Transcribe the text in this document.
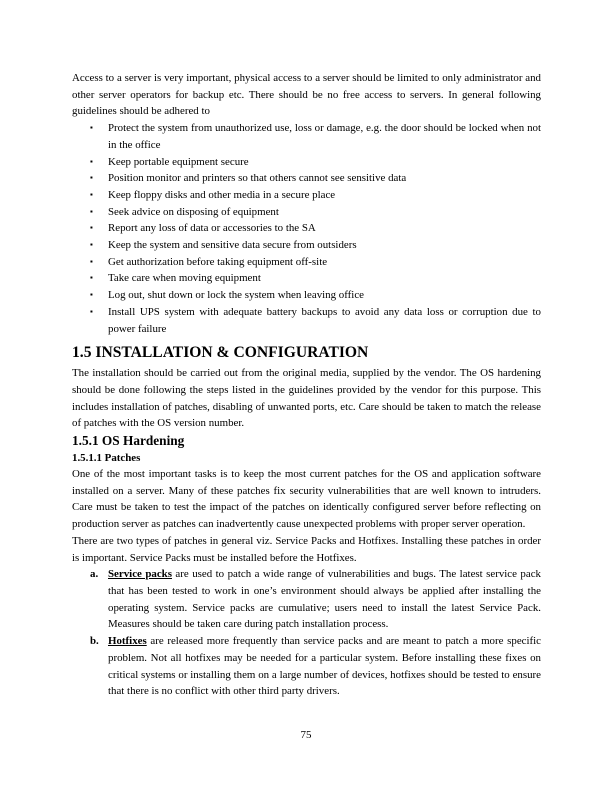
Access to a server is very important, physical access to a server should be limited to only administrator and other server operators for backup etc. There should be no free access to servers. In general following guidelines should be adhered to

▪ Protect the system from unauthorized use, loss or damage, e.g. the door should be locked when not in the office
▪ Keep portable equipment secure
▪ Position monitor and printers so that others cannot see sensitive data
▪ Keep floppy disks and other media in a secure place
▪ Seek advice on disposing of equipment
▪ Report any loss of data or accessories to the SA
▪ Keep the system and sensitive data secure from outsiders
▪ Get authorization before taking equipment off-site
▪ Take care when moving equipment
▪ Log out, shut down or lock the system when leaving office
▪ Install UPS system with adequate battery backups to avoid any data loss or corruption due to power failure
1.5 INSTALLATION & CONFIGURATION

The installation should be carried out from the original media, supplied by the vendor. The OS hardening should be done following the steps listed in the guidelines provided by the vendor for this purpose. This includes installation of patches, disabling of unwanted ports, etc. Care should be taken to match the release of patches with the OS version number.

1.5.1 OS Hardening
1.5.1.1 Patches

One of the most important tasks is to keep the most current patches for the OS and application software installed on a server. Many of these patches fix security vulnerabilities that are well known to intruders. Care must be taken to test the impact of the patches on identically configured server before reflecting on production server as patches can inadvertently cause unexpected problems with proper server operation.

There are two types of patches in general viz. Service Packs and Hotfixes. Installing these patches in order is important. Service Packs must be installed before the Hotfixes.

a. Service packs are used to patch a wide range of vulnerabilities and bugs. The latest service pack that has been tested to work in one’s environment should always be applied after installing the operating system. Service packs are cumulative; users need to install the latest Service Pack. Measures should be taken care during patch installation process.
b. Hotfixes are released more frequently than service packs and are meant to patch a more specific problem. Not all hotfixes may be needed for a particular system. Before installing these fixes on critical systems or installing them on a large number of devices, hotfixes should be tested to ensure that there is no conflict with other third party drivers.
75
